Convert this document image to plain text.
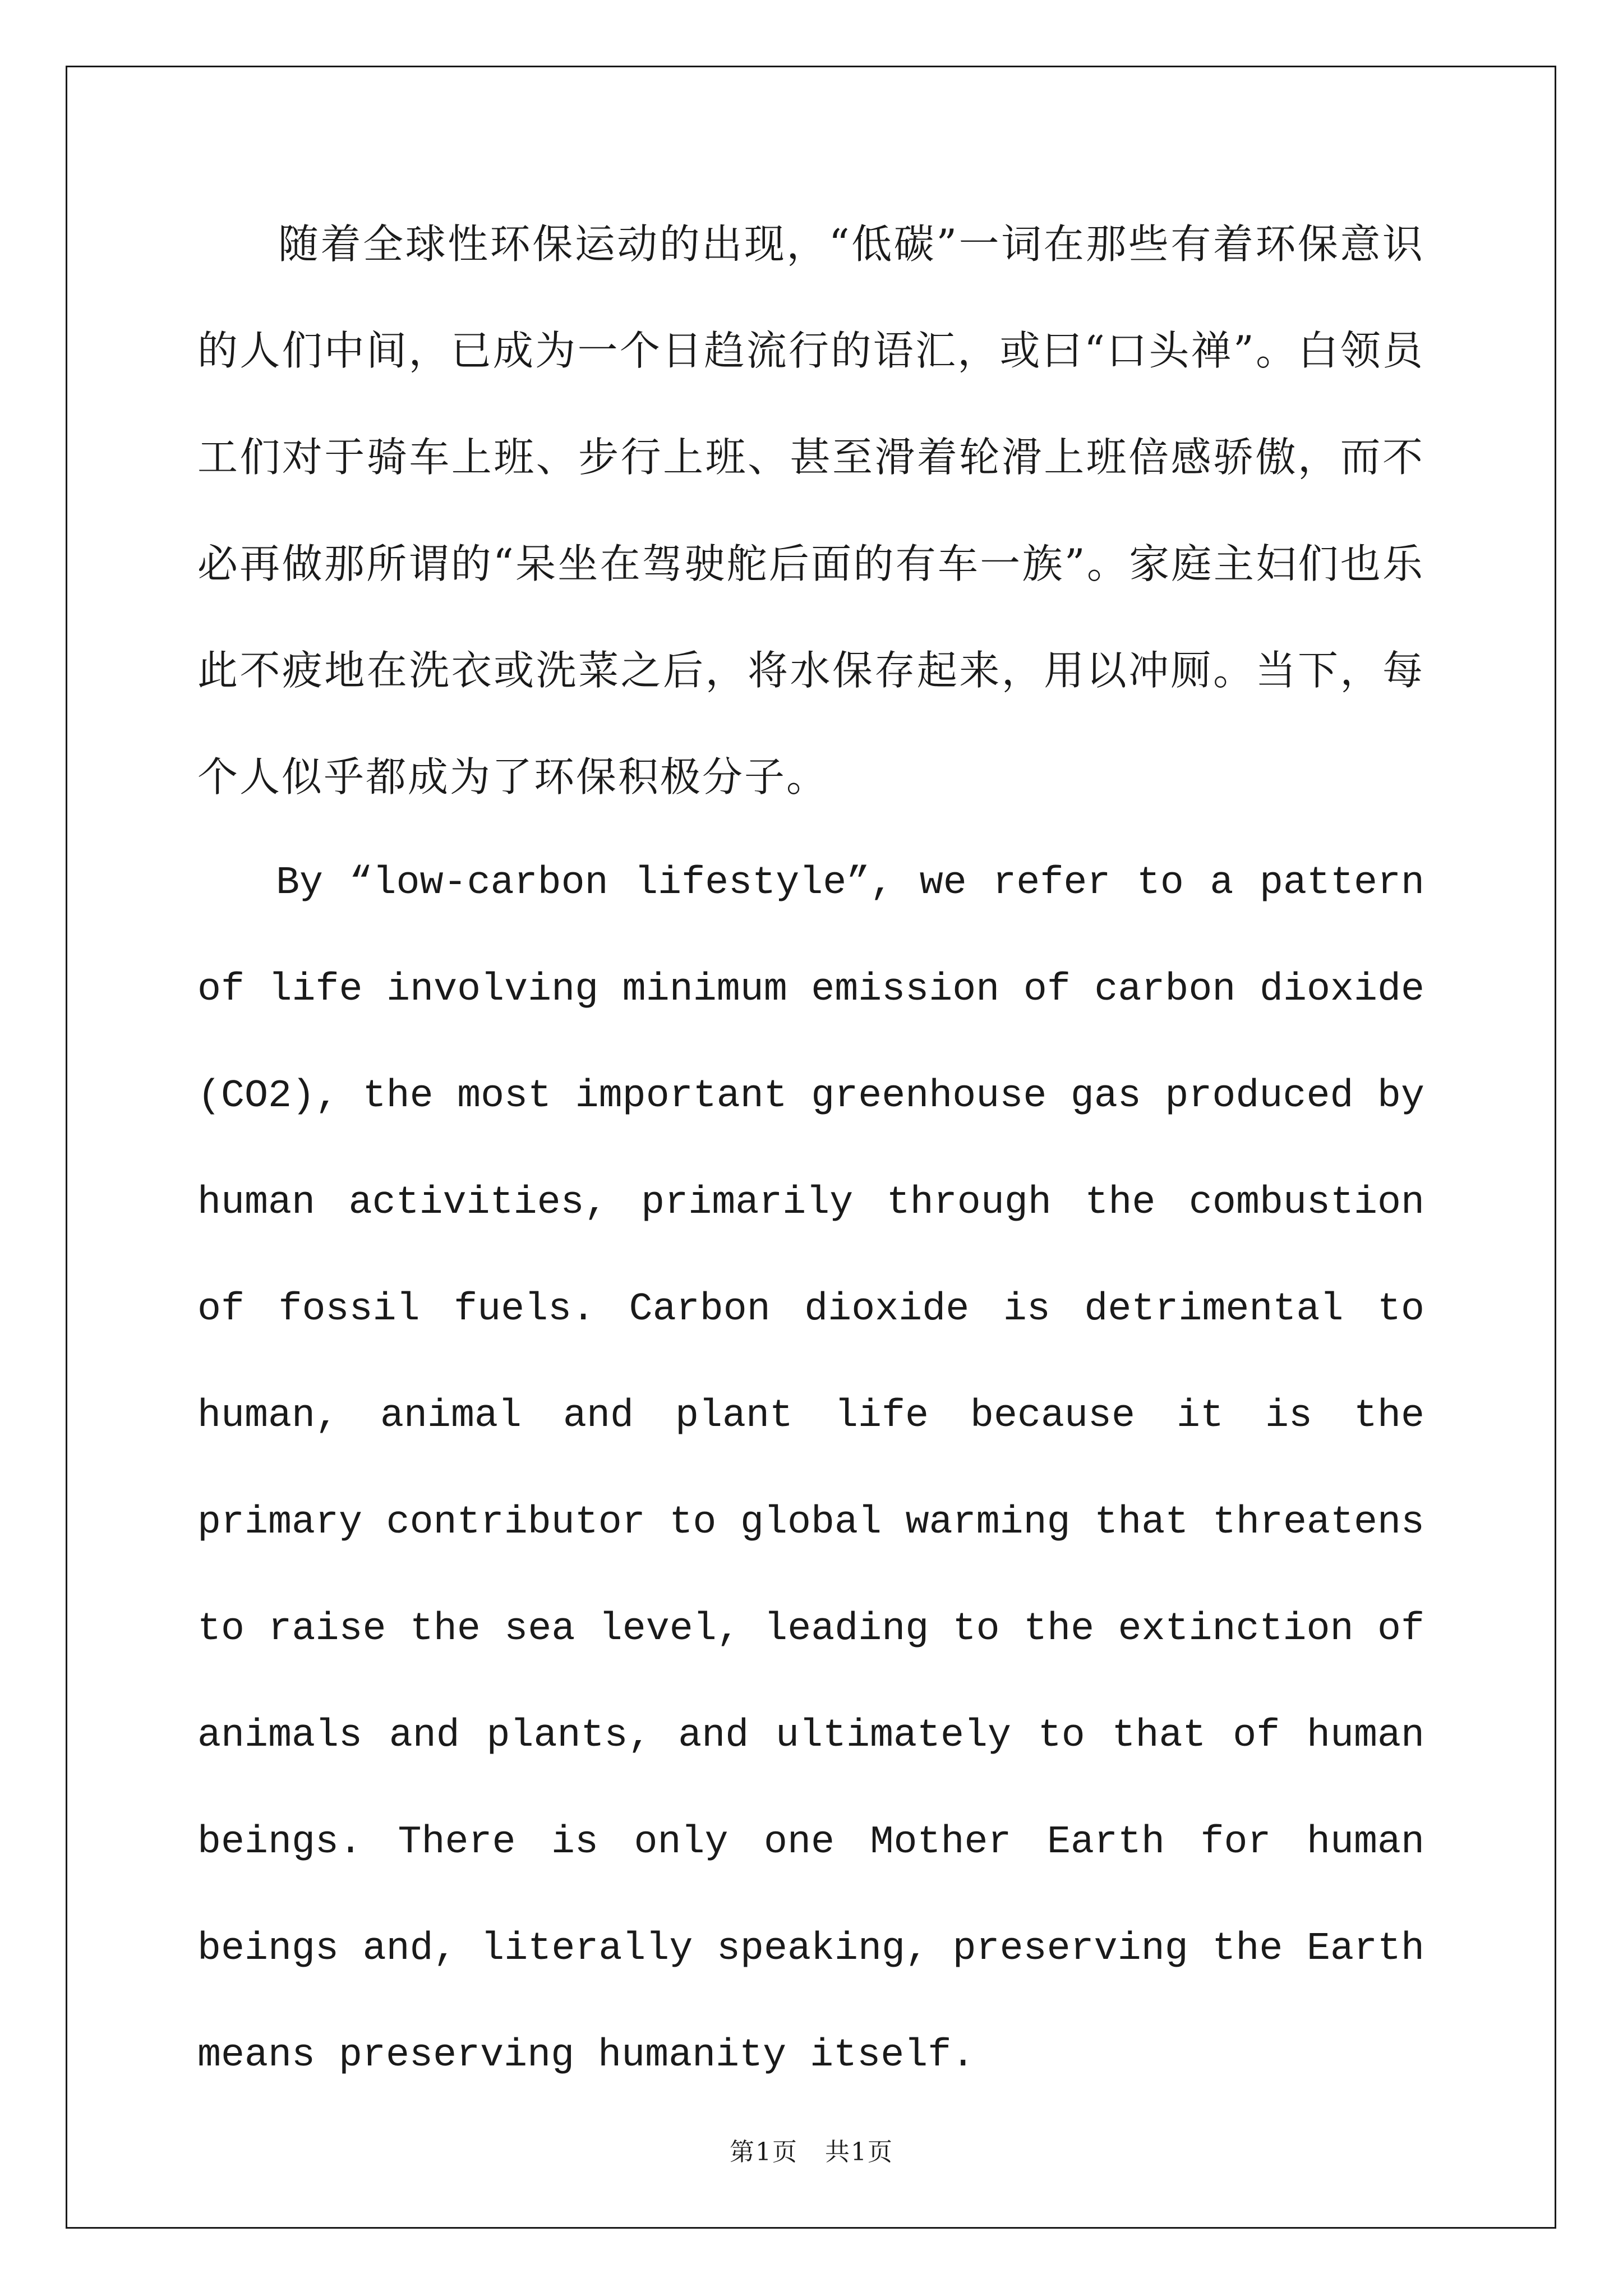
随着全球性环保运动的出现，“低碳”一词在那些有着环保意识的人们中间，已成为一个日趋流行的语汇，或曰“口头禅”。白领员工们对于骑车上班、步行上班、甚至滑着轮滑上班倍感骄傲，而不必再做那所谓的“呆坐在驾驶舵后面的有车一族”。家庭主妇们也乐此不疲地在洗衣或洗菜之后，将水保存起来，用以冲厕。当下，每个人似乎都成为了环保积极分子。

By “low-carbon lifestyle”, we refer to a pattern of life involving minimum emission of carbon dioxide (CO2), the most important greenhouse gas produced by human activities, primarily through the combustion of fossil fuels. Carbon dioxide is detrimental to human, animal and plant life because it is the primary contributor to global warming that threatens to raise the sea level, leading to the extinction of animals and plants, and ultimately to that of human beings. There is only one Mother Earth for human beings and, literally speaking, preserving the Earth means preserving humanity itself.

第1页 共1页
